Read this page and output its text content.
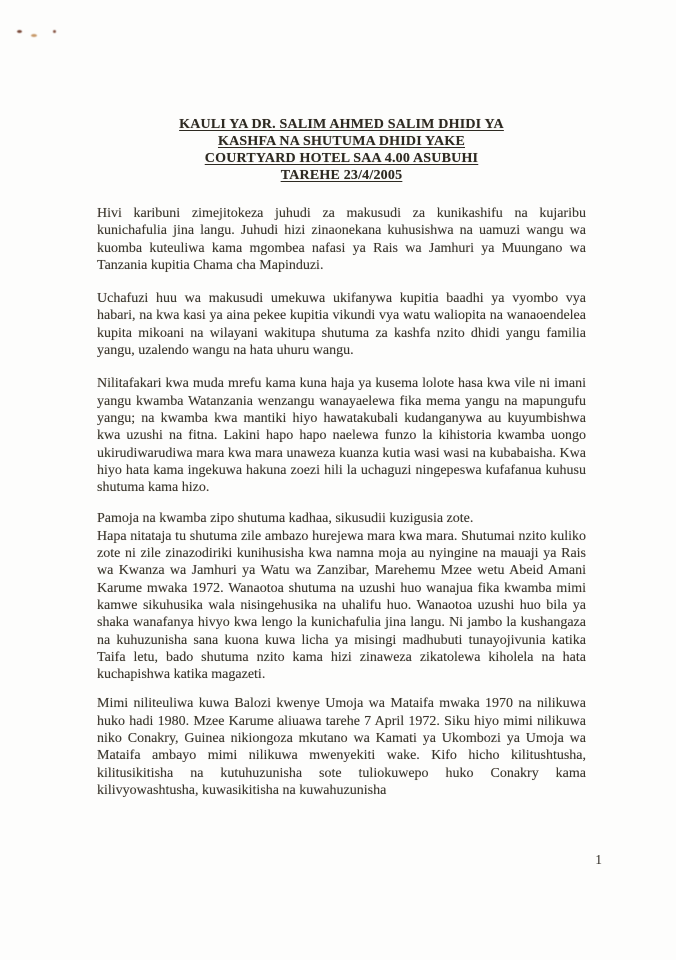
KAULI YA DR. SALIM AHMED SALIM DHIDI YA
KASHFA NA SHUTUMA DHIDI YAKE
COURTYARD HOTEL SAA 4.00 ASUBUHI
TAREHE 23/4/2005

Hivi karibuni zimejitokeza juhudi za makusudi za kunikashifu na kujaribu kunichafulia jina langu. Juhudi hizi zinaonekana kuhusishwa na uamuzi wangu wa kuomba kuteuliwa kama mgombea nafasi ya Rais wa Jamhuri ya Muungano wa Tanzania kupitia Chama cha Mapinduzi.

Uchafuzi huu wa makusudi umekuwa ukifanywa kupitia baadhi ya vyombo vya habari, na kwa kasi ya aina pekee kupitia vikundi vya watu waliopita na wanaoendelea kupita mikoani na wilayani wakitupa shutuma za kashfa nzito dhidi yangu familia yangu, uzalendo wangu na hata uhuru wangu.

Nilitafakari kwa muda mrefu kama kuna haja ya kusema lolote hasa kwa vile ni imani yangu kwamba Watanzania wenzangu wanayaelewa fika mema yangu na mapungufu yangu; na kwamba kwa mantiki hiyo hawatakubali kudanganywa au kuyumbishwa kwa uzushi na fitna. Lakini hapo hapo naelewa funzo la kihistoria kwamba uongo ukirudiwarudiwa mara kwa mara unaweza kuanza kutia wasi wasi na kubabaisha. Kwa hiyo hata kama ingekuwa hakuna zoezi hili la uchaguzi ningepeswa kufafanua kuhusu shutuma kama hizo.

Pamoja na kwamba zipo shutuma kadhaa, sikusudii kuzigusia zote.

Hapa nitataja tu shutuma zile ambazo hurejewa mara kwa mara. Shutumai nzito kuliko zote ni zile zinazodiriki kunihusisha kwa namna moja au nyingine na mauaji ya Rais wa Kwanza wa Jamhuri ya Watu wa Zanzibar, Marehemu Mzee wetu Abeid Amani Karume mwaka 1972. Wanaotoa shutuma na uzushi huo wanajua fika kwamba mimi kamwe sikuhusika wala nisingehusika na uhalifu huo. Wanaotoa uzushi huo bila ya shaka wanafanya hivyo kwa lengo la kunichafulia jina langu. Ni jambo la kushangaza na kuhuzunisha sana kuona kuwa licha ya misingi madhubuti tunayojivunia katika Taifa letu, bado shutuma nzito kama hizi zinaweza zikatolewa kiholela na hata kuchapishwa katika magazeti.

Mimi niliteuliwa kuwa Balozi kwenye Umoja wa Mataifa mwaka 1970 na nilikuwa huko hadi 1980. Mzee Karume aliuawa tarehe 7 April 1972. Siku hiyo mimi nilikuwa niko Conakry, Guinea nikiongoza mkutano wa Kamati ya Ukombozi ya Umoja wa Mataifa ambayo mimi nilikuwa mwenyekiti wake. Kifo hicho kilitushtusha, kilitusikitisha na kutuhuzunisha sote tuliokuwepo huko Conakry kama kilivyowashtusha, kuwasikitisha na kuwahuzunisha

1
